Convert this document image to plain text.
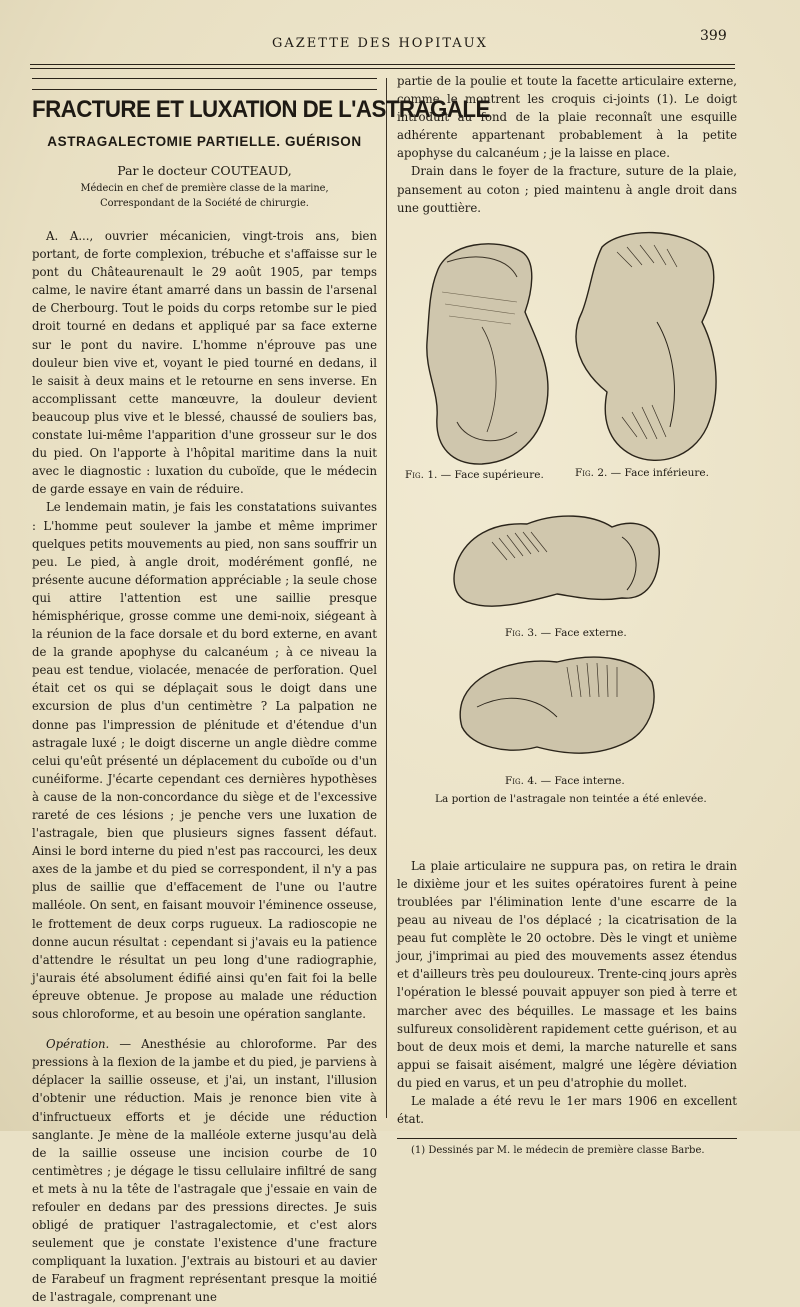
GAZETTE DES HOPITAUX	399
FRACTURE ET LUXATION DE L'ASTRAGALE
ASTRAGALECTOMIE PARTIELLE. GUÉRISON

Par le docteur COUTEAUD,

Médecin en chef de première classe de la marine,

Correspondant de la Société de chirurgie.

A. A..., ouvrier mécanicien, vingt-trois ans, bien portant, de forte complexion, trébuche et s'affaisse sur le pont du Châteaurenault le 29 août 1905, par temps calme, le navire étant amarré dans un bassin de l'arsenal de Cherbourg. Tout le poids du corps retombe sur le pied droit tourné en dedans et appliqué par sa face externe sur le pont du navire. L'homme n'éprouve pas une douleur bien vive et, voyant le pied tourné en dedans, il le saisit à deux mains et le retourne en sens inverse. En accomplissant cette manœuvre, la douleur devient beaucoup plus vive et le blessé, chaussé de souliers bas, constate lui-même l'apparition d'une grosseur sur le dos du pied. On l'apporte à l'hôpital maritime dans la nuit avec le diagnostic : luxation du cuboïde, que le médecin de garde essaye en vain de réduire.

Le lendemain matin, je fais les constatations suivantes : L'homme peut soulever la jambe et même imprimer quelques petits mouvements au pied, non sans souffrir un peu. Le pied, à angle droit, modérément gonflé, ne présente aucune déformation appréciable ; la seule chose qui attire l'attention est une saillie presque hémisphérique, grosse comme une demi-noix, siégeant à la réunion de la face dorsale et du bord externe, en avant de la grande apophyse du calcanéum ; à ce niveau la peau est tendue, violacée, menacée de perforation. Quel était cet os qui se déplaçait sous le doigt dans une excursion de plus d'un centimètre ? La palpation ne donne pas l'impression de plénitude et d'étendue d'un astragale luxé ; le doigt discerne un angle dièdre comme celui qu'eût présenté un déplacement du cuboïde ou d'un cunéiforme. J'écarte cependant ces dernières hypothèses à cause de la non-concordance du siège et de l'excessive rareté de ces lésions ; je penche vers une luxation de l'astragale, bien que plusieurs signes fassent défaut. Ainsi le bord interne du pied n'est pas raccourci, les deux axes de la jambe et du pied se correspondent, il n'y a pas plus de saillie que d'effacement de l'une ou l'autre malléole. On sent, en faisant mouvoir l'éminence osseuse, le frottement de deux corps rugueux. La radioscopie ne donne aucun résultat : cependant si j'avais eu la patience d'attendre le résultat un peu long d'une radiographie, j'aurais été absolument édifié ainsi qu'en fait foi la belle épreuve obtenue. Je propose au malade une réduction sous chloroforme, et au besoin une opération sanglante.

Opération. — Anesthésie au chloroforme. Par des pressions à la flexion de la jambe et du pied, je parviens à déplacer la saillie osseuse, et j'ai, un instant, l'illusion d'obtenir une réduction. Mais je renonce bien vite à d'infructueux efforts et je décide une réduction sanglante. Je mène de la malléole externe jusqu'au delà de la saillie osseuse une incision courbe de 10 centimètres ; je dégage le tissu cellulaire infiltré de sang et mets à nu la tête de l'astragale que j'essaie en vain de refouler en dedans par des pressions directes. Je suis obligé de pratiquer l'astragalectomie, et c'est alors seulement que je constate l'existence d'une fracture compliquant la luxation. J'extrais au bistouri et au davier de Farabeuf un fragment représentant presque la moitié de l'astragale, comprenant une

partie de la poulie et toute la facette articulaire externe, comme le montrent les croquis ci-joints (1). Le doigt introduit au fond de la plaie reconnaît une esquille adhérente appartenant probablement à la petite apophyse du calcanéum ; je la laisse en place.

Drain dans le foyer de la fracture, suture de la plaie, pansement au coton ; pied maintenu à angle droit dans une gouttière.

Fig. 1. — Face supérieure.	Fig. 2. — Face inférieure.
Fig. 3. — Face externe.
Fig. 4. — Face interne.
La portion de l'astragale non teintée a été enlevée.

La plaie articulaire ne suppura pas, on retira le drain le dixième jour et les suites opératoires furent à peine troublées par l'élimination lente d'une escarre de la peau au niveau de l'os déplacé ; la cicatrisation de la peau fut complète le 20 octobre. Dès le vingt et unième jour, j'imprimai au pied des mouvements assez étendus et d'ailleurs très peu douloureux. Trente-cinq jours après l'opération le blessé pouvait appuyer son pied à terre et marcher avec des béquilles. Le massage et les bains sulfureux consolidèrent rapidement cette guérison, et au bout de deux mois et demi, la marche naturelle et sans appui se faisait aisément, malgré une légère déviation du pied en varus, et un peu d'atrophie du mollet.

Le malade a été revu le 1er mars 1906 en excellent état.

(1) Dessinés par M. le médecin de première classe Barbe.
